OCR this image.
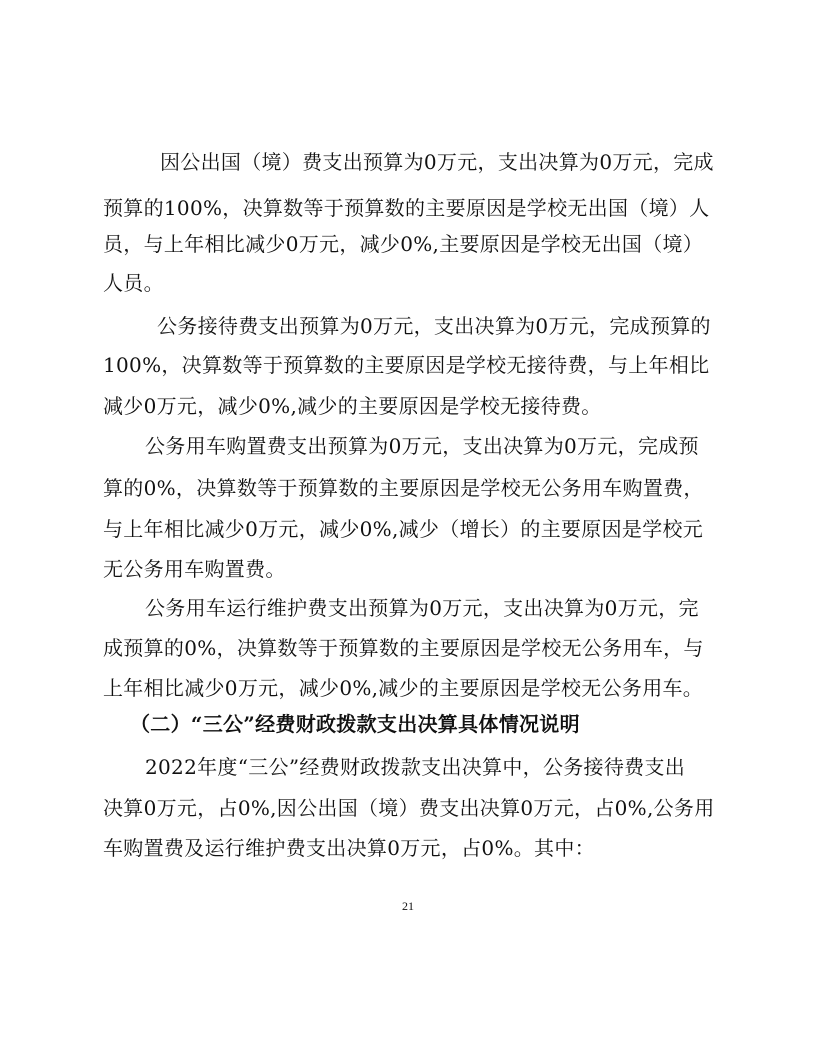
因公出国（境）费支出预算为0万元，支出决算为0万元，完成
预算的100%，决算数等于预算数的主要原因是学校无出国（境）人
员，与上年相比减少0万元，减少0%,主要原因是学校无出国（境）
人员。
公务接待费支出预算为0万元，支出决算为0万元，完成预算的
100%，决算数等于预算数的主要原因是学校无接待费，与上年相比
减少0万元，减少0%,减少的主要原因是学校无接待费。
公务用车购置费支出预算为0万元，支出决算为0万元，完成预
算的0%，决算数等于预算数的主要原因是学校无公务用车购置费，
与上年相比减少0万元，减少0%,减少（增长）的主要原因是学校元
无公务用车购置费。
公务用车运行维护费支出预算为0万元，支出决算为0万元，完
成预算的0%，决算数等于预算数的主要原因是学校无公务用车，与
上年相比减少0万元，减少0%,减少的主要原因是学校无公务用车。
（二）“三公”经费财政拨款支出决算具体情况说明
2022年度“三公”经费财政拨款支出决算中，公务接待费支出
决算0万元，占0%,因公出国（境）费支出决算0万元，占0%,公务用
车购置费及运行维护费支出决算0万元，占0%。其中：
21
